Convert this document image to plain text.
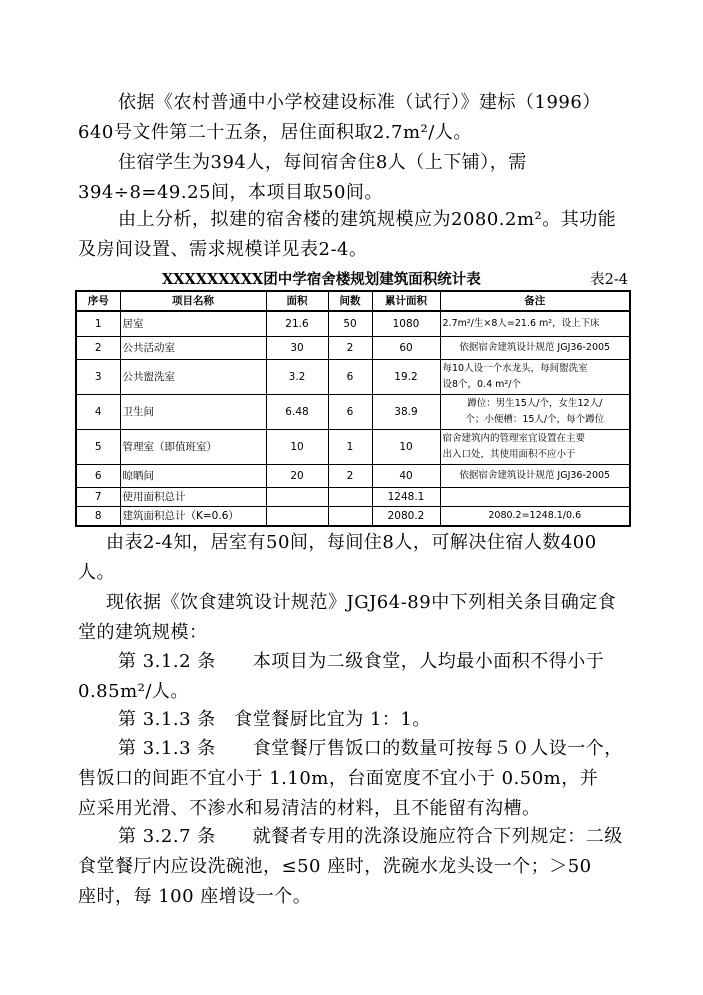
依据《农村普通中小学校建设标准（试行）》建标（1996）
640号文件第二十五条，居住面积取2.7m²/人。
住宿学生为394人，每间宿舍住8人（上下铺），需
394÷8=49.25间，本项目取50间。
由上分析，拟建的宿舍楼的建筑规模应为2080.2m²。其功能
及房间设置、需求规模详见表2-4。
XXXXXXXXX团中学宿舍楼规划建筑面积统计表	表2-4
序号	项目名称	面积	间数	累计面积	备注
1	居室	21.6	50	1080	2.7m²/生×8人=21.6 m²，设上下床
2	公共活动室	30	2	60	依据宿舍建筑设计规范 JGJ36-2005
3	公共盥洗室	3.2	6	19.2	每10人设一个水龙头，每间盥洗室
设8个，0.4 m²/个
4	卫生间	6.48	6	38.9	蹲位：男生15人/个，女生12人/
个；小便槽：15人/个，每个蹲位
5	管理室（即值班室）	10	1	10	宿舍建筑内的管理室宜设置在主要
出入口处，其使用面积不应小于
6	晾晒间	20	2	40	依据宿舍建筑设计规范 JGJ36-2005
7	使用面积总计			1248.1	
8	建筑面积总计（K=0.6）			2080.2	2080.2=1248.1/0.6
由表2-4知，居室有50间，每间住8人，可解决住宿人数400
人。
现依据《饮食建筑设计规范》JGJ64-89中下列相关条目确定食
堂的建筑规模：
第 3.1.2 条　　本项目为二级食堂，人均最小面积不得小于
0.85m²/人。
第 3.1.3 条　食堂餐厨比宜为 1：1。
第 3.1.3 条　　食堂餐厅售饭口的数量可按每５０人设一个，
售饭口的间距不宜小于 1.10m，台面宽度不宜小于 0.50m，并
应采用光滑、不渗水和易清洁的材料，且不能留有沟槽。
第 3.2.7 条　　就餐者专用的洗涤设施应符合下列规定：二级
食堂餐厅内应设洗碗池，≤50 座时，洗碗水龙头设一个；＞50
座时，每 100 座增设一个。
